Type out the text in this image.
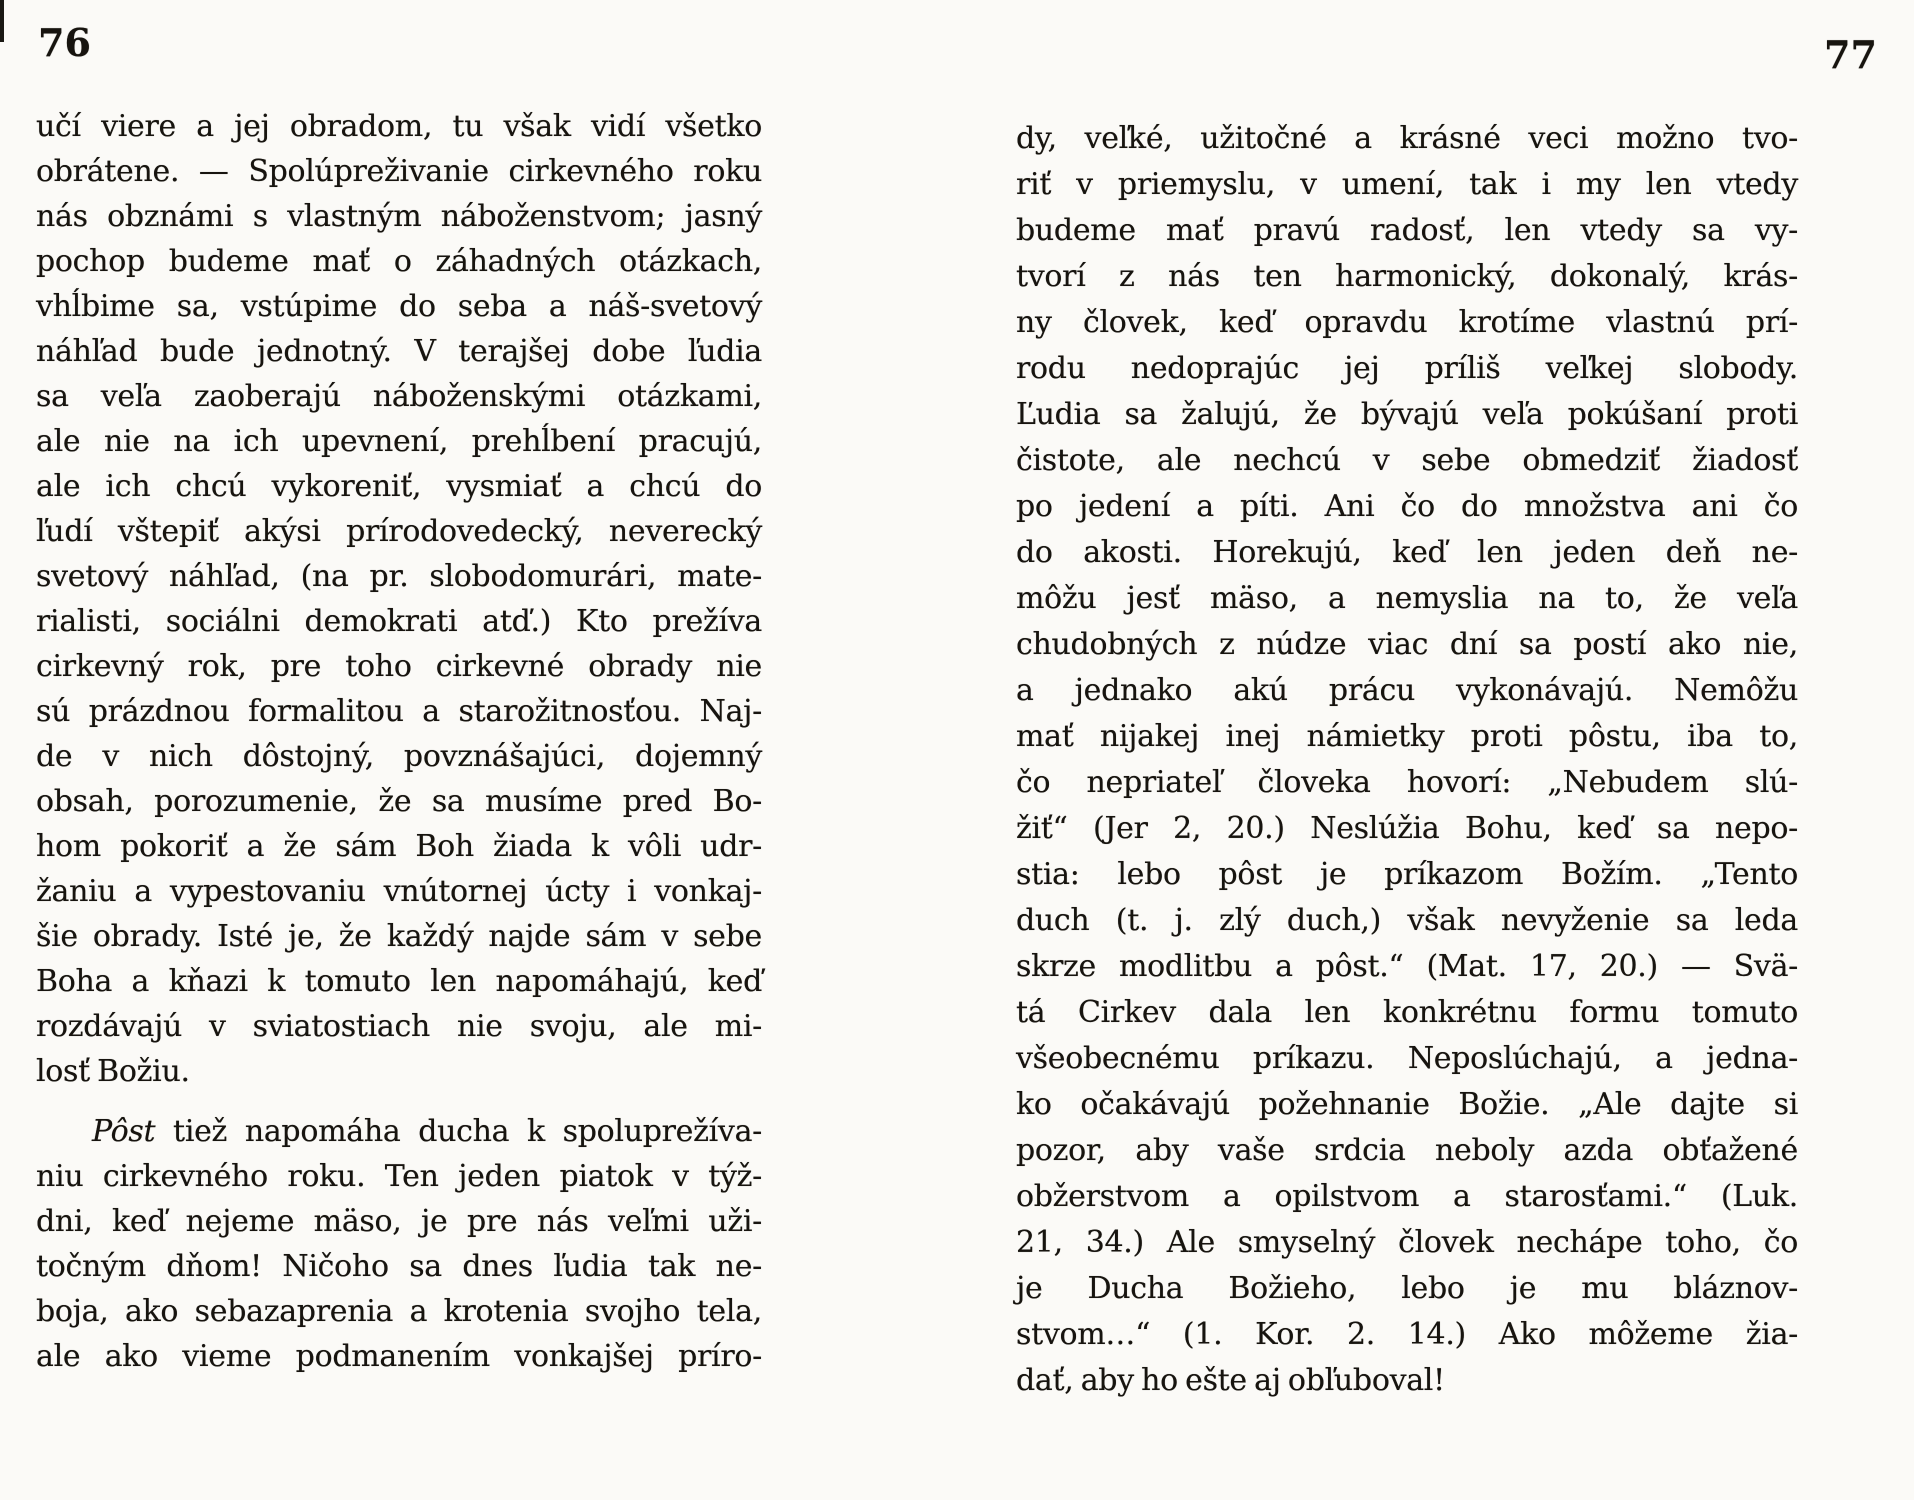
76	77
učí viere a jej obradom, tu však vidí všetko
obrátene. — Spolúpreživanie cirkevného roku
nás obznámi s vlastným náboženstvom; jasný
pochop budeme mať o záhadných otázkach,
vhĺbime sa, vstúpime do seba a náš-svetový
náhľad bude jednotný. V terajšej dobe ľudia
sa veľa zaoberajú náboženskými otázkami,
ale nie na ich upevnení, prehĺbení pracujú,
ale ich chcú vykoreniť, vysmiať a chcú do
ľudí vštepiť akýsi prírodovedecký, neverecký
svetový náhľad, (na pr. slobodomurári, mate-
rialisti, sociálni demokrati atď.) Kto prežíva
cirkevný rok, pre toho cirkevné obrady nie
sú prázdnou formalitou a starožitnosťou. Naj-
de v nich dôstojný, povznášajúci, dojemný
obsah, porozumenie, že sa musíme pred Bo-
hom pokoriť a že sám Boh žiada k vôli udr-
žaniu a vypestovaniu vnútornej úcty i vonkaj-
šie obrady. Isté je, že každý najde sám v sebe
Boha a kňazi k tomuto len napomáhajú, keď
rozdávajú v sviatostiach nie svoju, ale mi-
losť Božiu.
Pôst tiež napomáha ducha k spoluprežíva-
niu cirkevného roku. Ten jeden piatok v týž-
dni, keď nejeme mäso, je pre nás veľmi uži-
točným dňom! Ničoho sa dnes ľudia tak ne-
boja, ako sebazaprenia a krotenia svojho tela,
ale ako vieme podmanením vonkajšej príro-
dy, veľké, užitočné a krásné veci možno tvo-
riť v priemyslu, v umení, tak i my len vtedy
budeme mať pravú radosť, len vtedy sa vy-
tvorí z nás ten harmonický, dokonalý, krás-
ny človek, keď opravdu krotíme vlastnú prí-
rodu nedoprajúc jej príliš veľkej slobody.
Ľudia sa žalujú, že bývajú veľa pokúšaní proti
čistote, ale nechcú v sebe obmedziť žiadosť
po jedení a píti. Ani čo do množstva ani čo
do akosti. Horekujú, keď len jeden deň ne-
môžu jesť mäso, a nemyslia na to, že veľa
chudobných z núdze viac dní sa postí ako nie,
a jednako akú prácu vykonávajú. Nemôžu
mať nijakej inej námietky proti pôstu, iba to,
čo nepriateľ človeka hovorí: „Nebudem slú-
žiť“ (Jer 2, 20.) Neslúžia Bohu, keď sa nepo-
stia: lebo pôst je príkazom Božím. „Tento
duch (t. j. zlý duch,) však nevyženie sa leda
skrze modlitbu a pôst.“ (Mat. 17, 20.) — Svä-
tá Cirkev dala len konkrétnu formu tomuto
všeobecnému príkazu. Neposlúchajú, a jedna-
ko očakávajú požehnanie Božie. „Ale dajte si
pozor, aby vaše srdcia neboly azda obťažené
obžerstvom a opilstvom a starosťami.“ (Luk.
21, 34.) Ale smyselný človek nechápe toho, čo
je Ducha Božieho, lebo je mu bláznov-
stvom…“ (1. Kor. 2. 14.) Ako môžeme žia-
dať, aby ho ešte aj obľuboval!
